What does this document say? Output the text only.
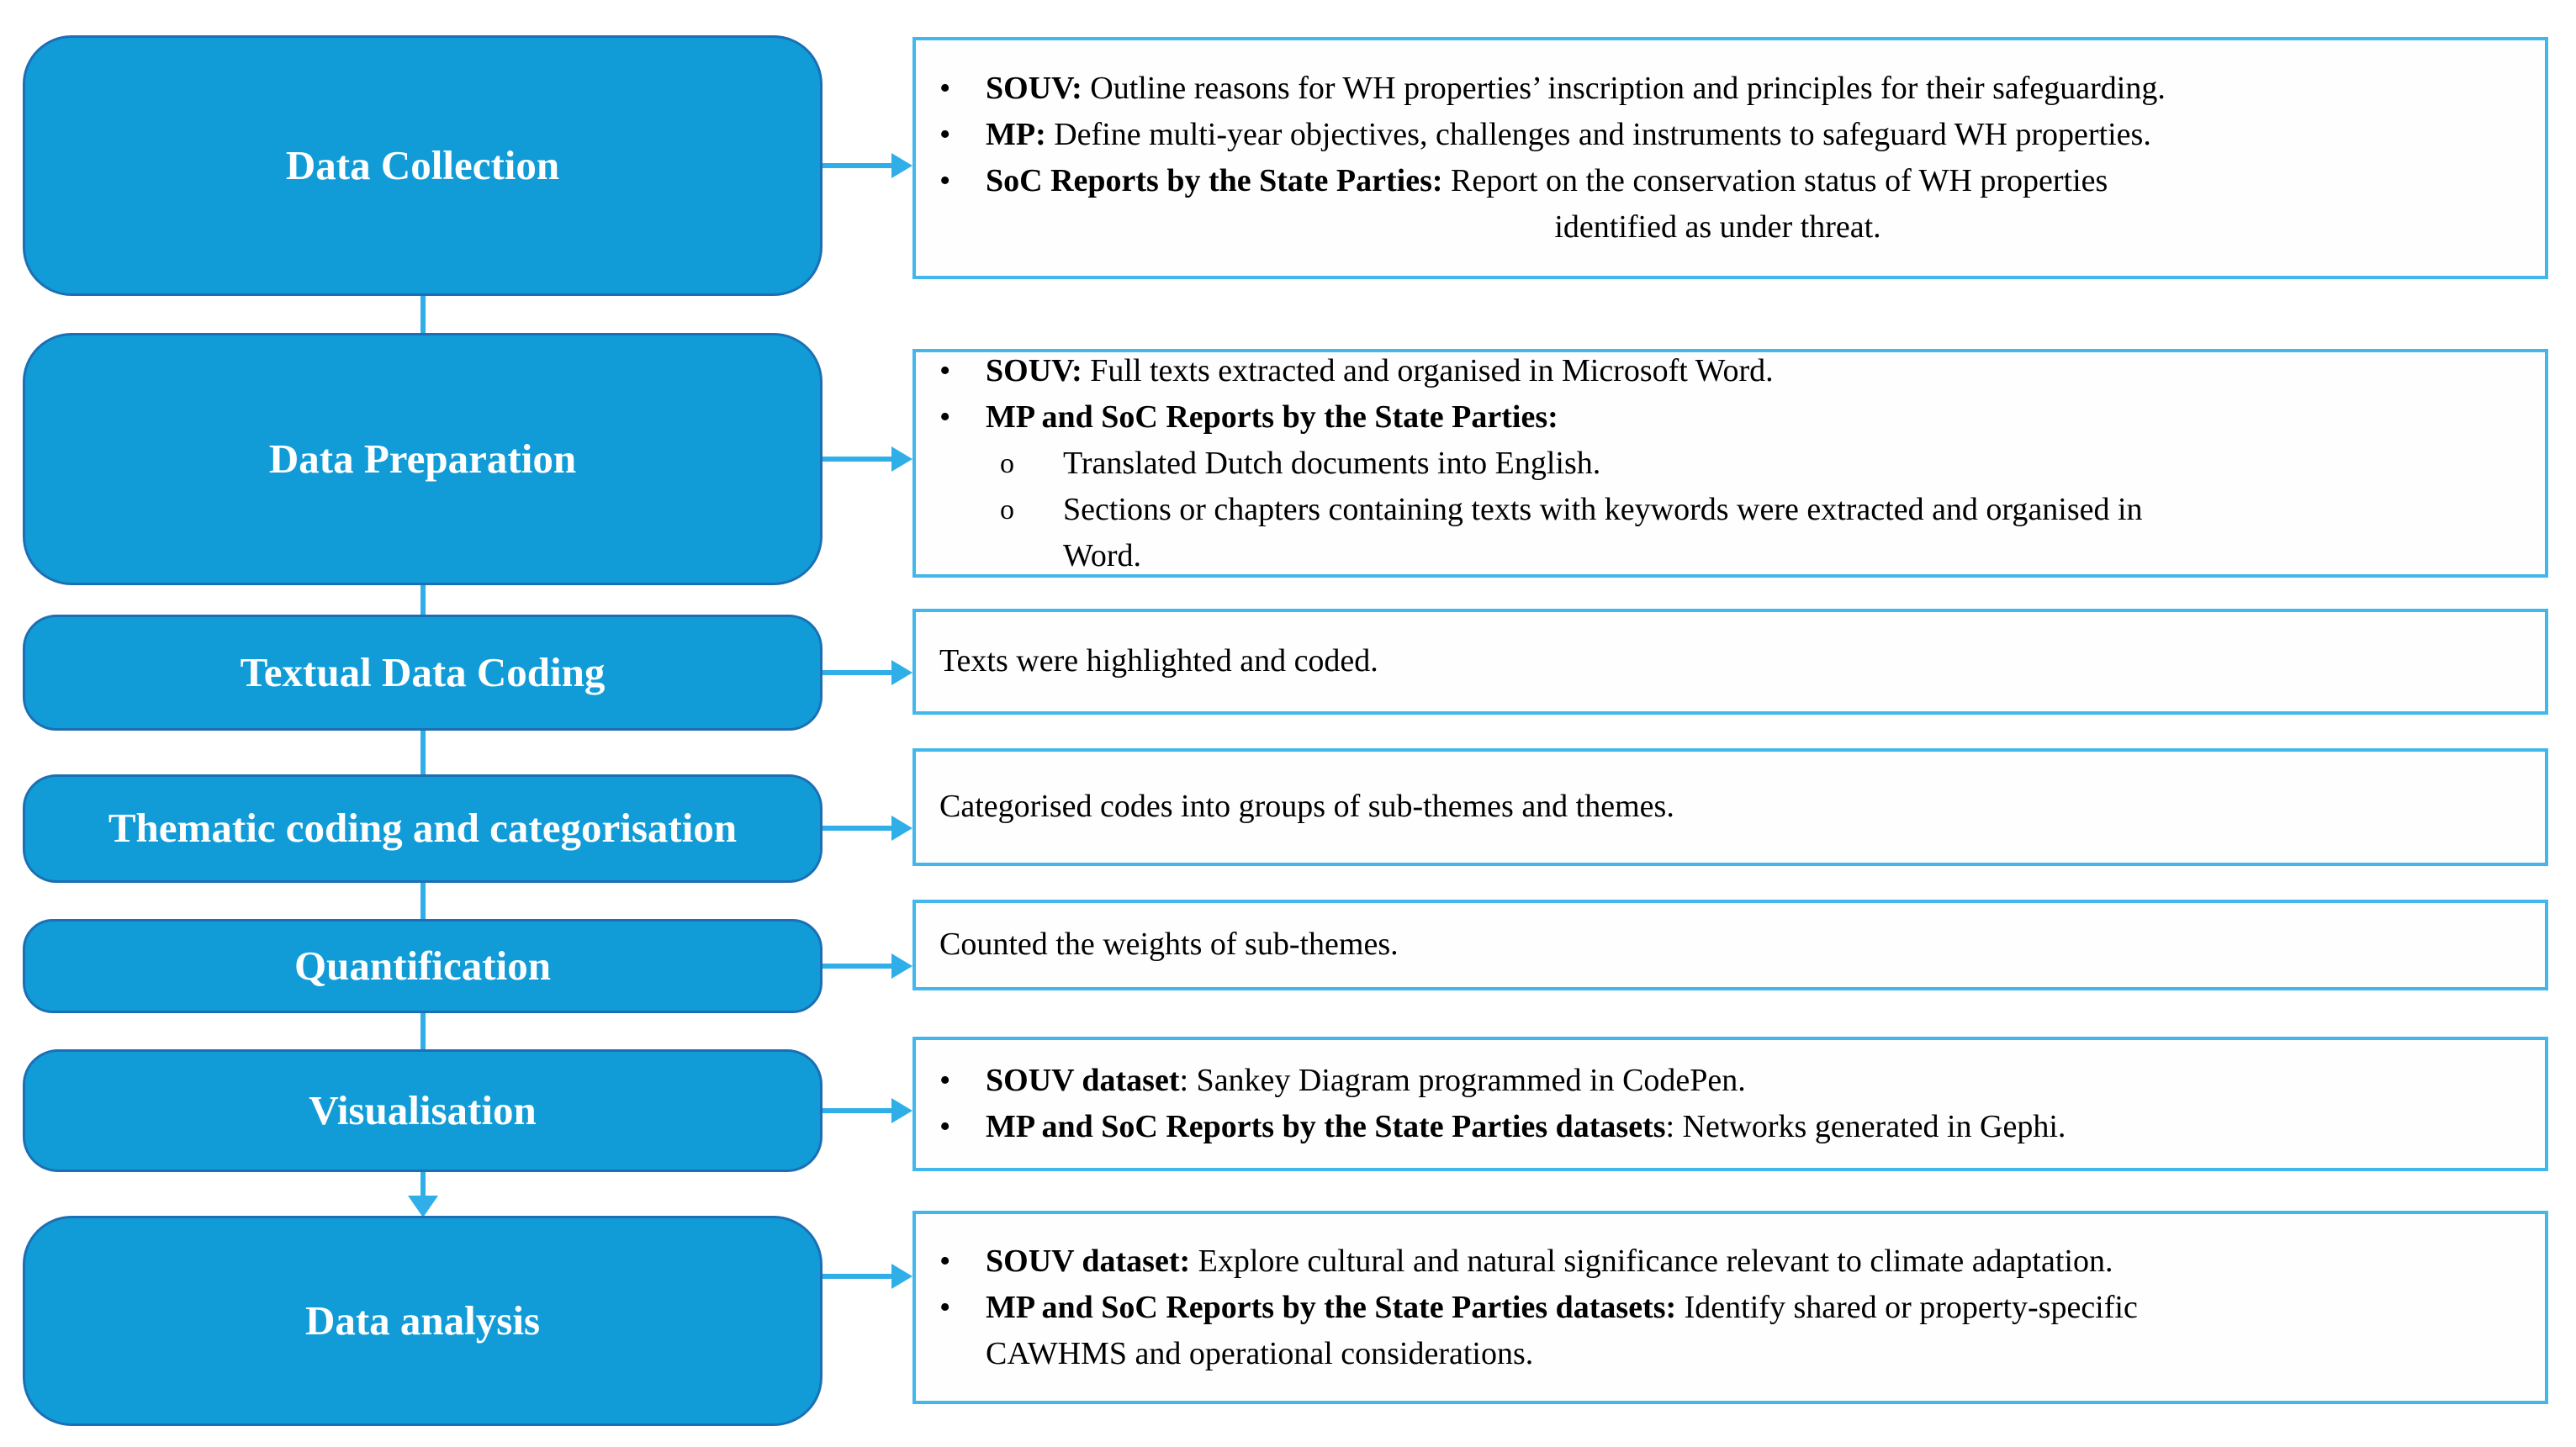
Data Collection
•	SOUV: Outline reasons for WH properties’ inscription and principles for their safeguarding.
•	MP: Define multi-year objectives, challenges and instruments to safeguard WH properties.
•	SoC Reports by the State Parties: Report on the conservation status of WH properties
identified as under threat.
Data Preparation
•	SOUV: Full texts extracted and organised in Microsoft Word.
•	MP and SoC Reports by the State Parties:
o	Translated Dutch documents into English.
o	Sections or chapters containing texts with keywords were extracted and organised in
Word.
Textual Data Coding	Texts were highlighted and coded.
Thematic coding and categorisation	Categorised codes into groups of sub-themes and themes.
Quantification	Counted the weights of sub-themes.
Visualisation
•	SOUV dataset: Sankey Diagram programmed in CodePen.
•	MP and SoC Reports by the State Parties datasets: Networks generated in Gephi.
Data analysis
•	SOUV dataset: Explore cultural and natural significance relevant to climate adaptation.
•	MP and SoC Reports by the State Parties datasets: Identify shared or property-specific
CAWHMS and operational considerations.
